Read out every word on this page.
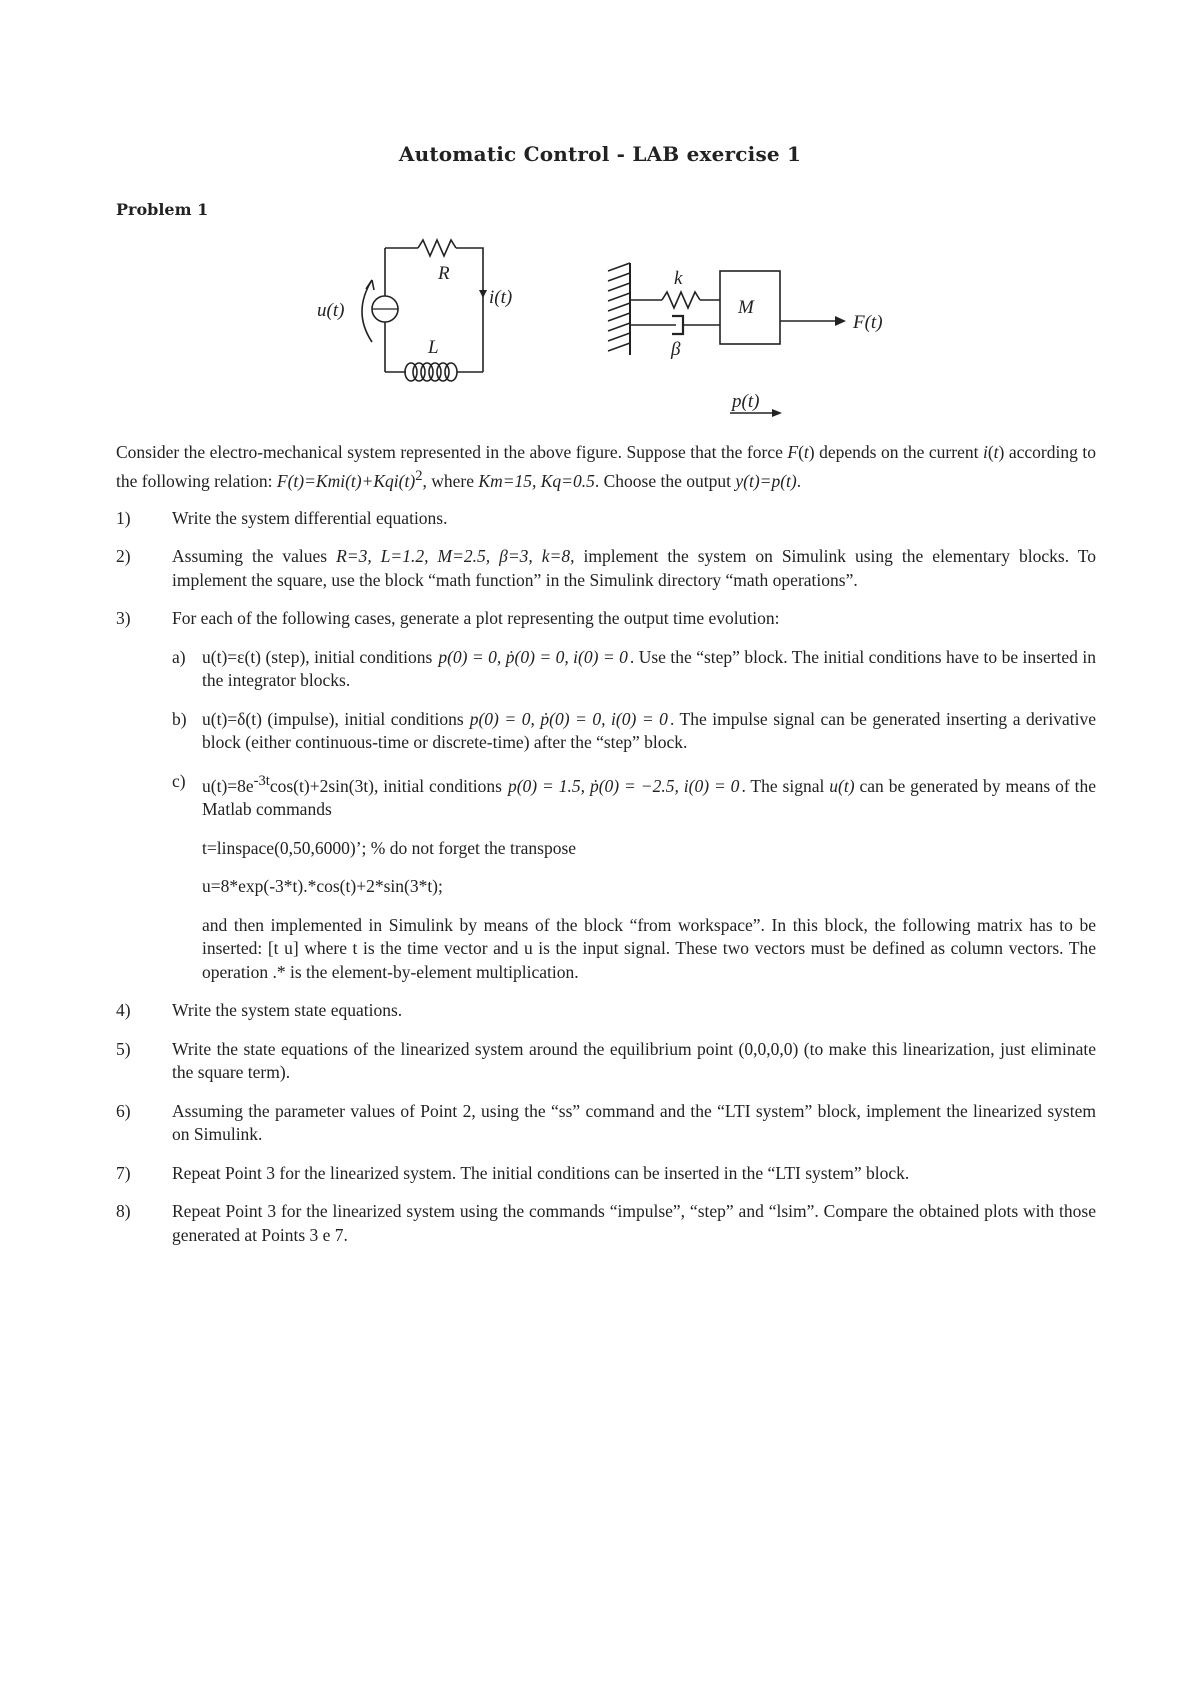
Automatic Control - LAB exercise 1
Problem 1
R
L
u(t)
i(t)
k
β
M
F(t)
p(t)

Consider the electro-mechanical system represented in the above figure. Suppose that the force F(t) depends on the current i(t) according to the following relation: $F(t)=Kmi(t)+Kqi(t)^2$, where Km=15, Kq=0.5. Choose the output y(t)=p(t).

1)	Write the system differential equations.
2)	Assuming the values R=3, L=1.2, M=2.5, β=3, k=8, implement the system on Simulink using the elementary blocks. To implement the square, use the block “math function” in the Simulink directory “math operations”.
3)	For each of the following cases, generate a plot representing the output time evolution:
a) u(t)=ε(t) (step), initial conditions p(0) = 0, ṗ(0) = 0, i(0) = 0 . Use the “step” block. The initial conditions have to be inserted in the integrator blocks.
b) u(t)=δ(t) (impulse), initial conditions p(0) = 0, ṗ(0) = 0, i(0) = 0 . The impulse signal can be generated inserting a derivative block (either continuous-time or discrete-time) after the “step” block.
c) $u(t)=8e^{-3t}\cos(t)+2\sin(3t)$, initial conditions p(0) = 1.5, ṗ(0) = −2.5, i(0) = 0 . The signal u(t) can be generated by means of the Matlab commands
t=linspace(0,50,6000)’; % do not forget the transpose
u=8*exp(-3*t).*cos(t)+2*sin(3*t);

and then implemented in Simulink by means of the block “from workspace”. In this block, the following matrix has to be inserted: [t u] where t is the time vector and u is the input signal. These two vectors must be defined as column vectors. The operation .* is the element-by-element multiplication.

4)	Write the system state equations.
5)	Write the state equations of the linearized system around the equilibrium point (0,0,0,0) (to make this linearization, just eliminate the square term).
6)	Assuming the parameter values of Point 2, using the “ss” command and the “LTI system” block, implement the linearized system on Simulink.
7)	Repeat Point 3 for the linearized system. The initial conditions can be inserted in the “LTI system” block.
8)	Repeat Point 3 for the linearized system using the commands “impulse”, “step” and “lsim”. Compare the obtained plots with those generated at Points 3 e 7.
